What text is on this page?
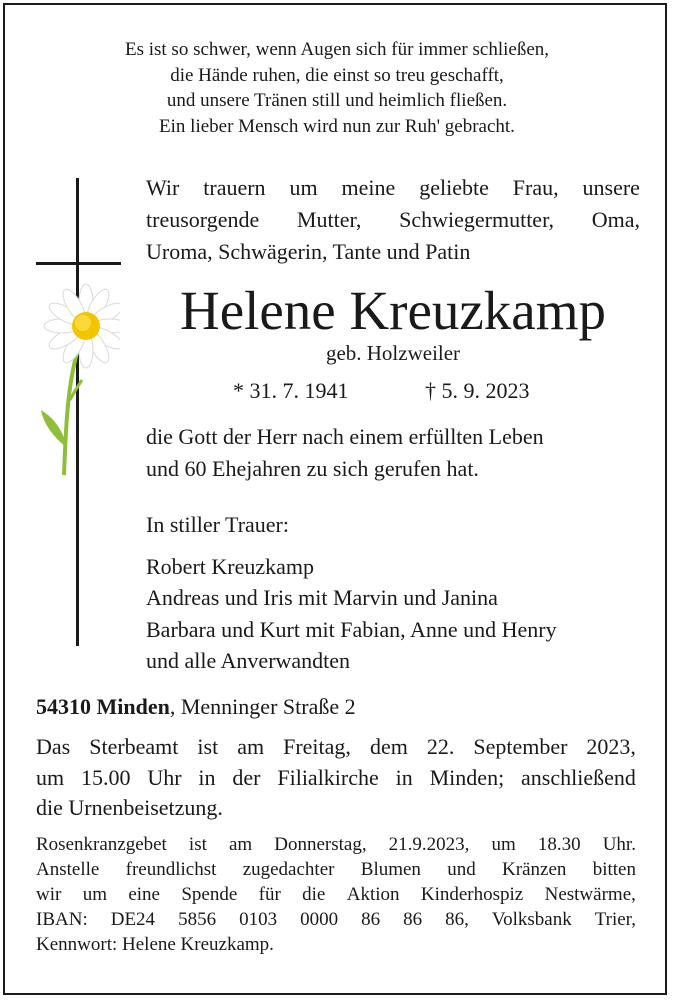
Es ist so schwer, wenn Augen sich für immer schließen,
die Hände ruhen, die einst so treu geschafft,
und unsere Tränen still und heimlich fließen.
Ein lieber Mensch wird nun zur Ruh' gebracht.
Wir trauern um meine geliebte Frau, unsere
treusorgende Mutter, Schwiegermutter, Oma,
Uroma, Schwägerin, Tante und Patin
Helene Kreuzkamp
geb. Holzweiler
* 31. 7. 1941	† 5. 9. 2023
die Gott der Herr nach einem erfüllten Leben
und 60 Ehejahren zu sich gerufen hat.
In stiller Trauer:
Robert Kreuzkamp
Andreas und Iris mit Marvin und Janina
Barbara und Kurt mit Fabian, Anne und Henry
und alle Anverwandten
54310 Minden, Menninger Straße 2
Das Sterbeamt ist am Freitag, dem 22. September 2023,
um 15.00 Uhr in der Filialkirche in Minden; anschließend
die Urnenbeisetzung.
Rosenkranzgebet ist am Donnerstag, 21.9.2023, um 18.30 Uhr.
Anstelle freundlichst zugedachter Blumen und Kränzen bitten
wir um eine Spende für die Aktion Kinderhospiz Nestwärme,
IBAN: DE24 5856 0103 0000 86 86 86, Volksbank Trier,
Kennwort: Helene Kreuzkamp.
